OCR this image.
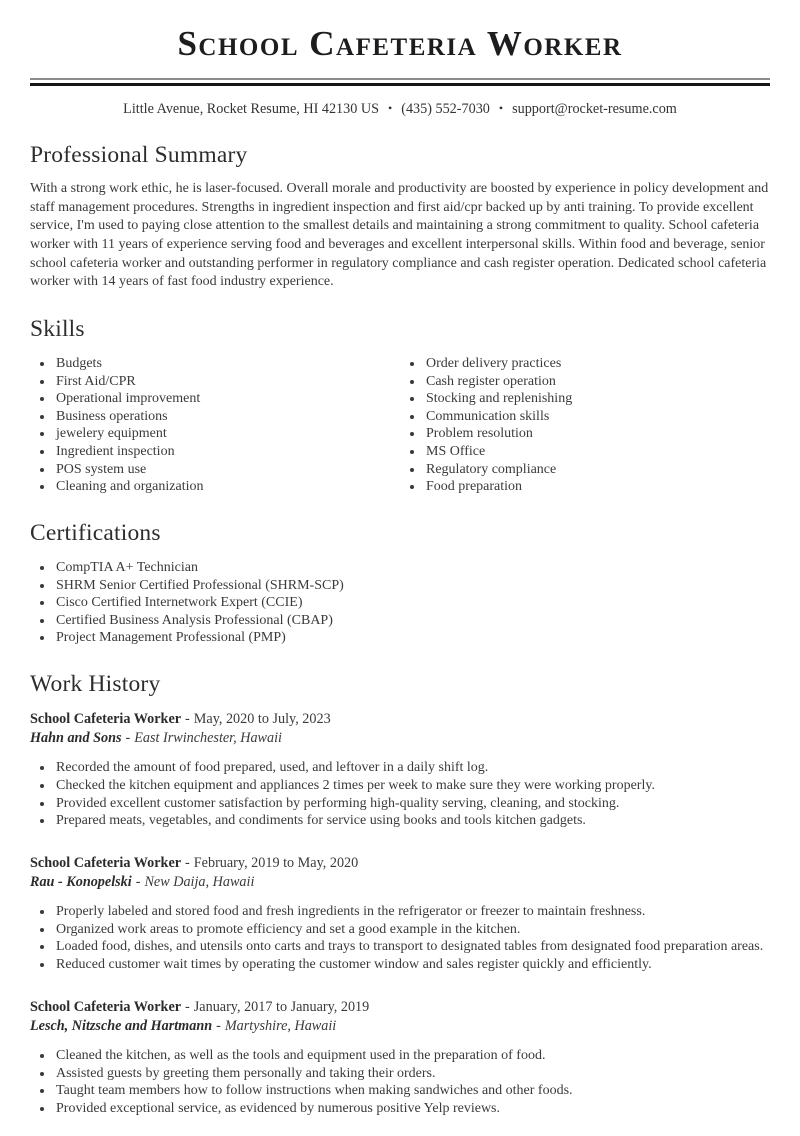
School Cafeteria Worker
Little Avenue, Rocket Resume, HI 42130 US • (435) 552-7030 • support@rocket-resume.com
Professional Summary

With a strong work ethic, he is laser-focused. Overall morale and productivity are boosted by experience in policy development and staff management procedures. Strengths in ingredient inspection and first aid/cpr backed up by anti training. To provide excellent service, I'm used to paying close attention to the smallest details and maintaining a strong commitment to quality. School cafeteria worker with 11 years of experience serving food and beverages and excellent interpersonal skills. Within food and beverage, senior school cafeteria worker and outstanding performer in regulatory compliance and cash register operation. Dedicated school cafeteria worker with 14 years of fast food industry experience.

Skills
• Budgets
• First Aid/CPR
• Operational improvement
• Business operations
• jewelery equipment
• Ingredient inspection
• POS system use
• Cleaning and organization
• Order delivery practices
• Cash register operation
• Stocking and replenishing
• Communication skills
• Problem resolution
• MS Office
• Regulatory compliance
• Food preparation
Certifications
• CompTIA A+ Technician
• SHRM Senior Certified Professional (SHRM-SCP)
• Cisco Certified Internetwork Expert (CCIE)
• Certified Business Analysis Professional (CBAP)
• Project Management Professional (PMP)
Work History

School Cafeteria Worker - May, 2020 to July, 2023

Hahn and Sons - East Irwinchester, Hawaii

• Recorded the amount of food prepared, used, and leftover in a daily shift log.
• Checked the kitchen equipment and appliances 2 times per week to make sure they were working properly.
• Provided excellent customer satisfaction by performing high-quality serving, cleaning, and stocking.
• Prepared meats, vegetables, and condiments for service using books and tools kitchen gadgets.

School Cafeteria Worker - February, 2019 to May, 2020

Rau - Konopelski - New Daija, Hawaii

• Properly labeled and stored food and fresh ingredients in the refrigerator or freezer to maintain freshness.
• Organized work areas to promote efficiency and set a good example in the kitchen.
• Loaded food, dishes, and utensils onto carts and trays to transport to designated tables from designated food preparation areas.
• Reduced customer wait times by operating the customer window and sales register quickly and efficiently.

School Cafeteria Worker - January, 2017 to January, 2019

Lesch, Nitzsche and Hartmann - Martyshire, Hawaii

• Cleaned the kitchen, as well as the tools and equipment used in the preparation of food.
• Assisted guests by greeting them personally and taking their orders.
• Taught team members how to follow instructions when making sandwiches and other foods.
• Provided exceptional service, as evidenced by numerous positive Yelp reviews.
